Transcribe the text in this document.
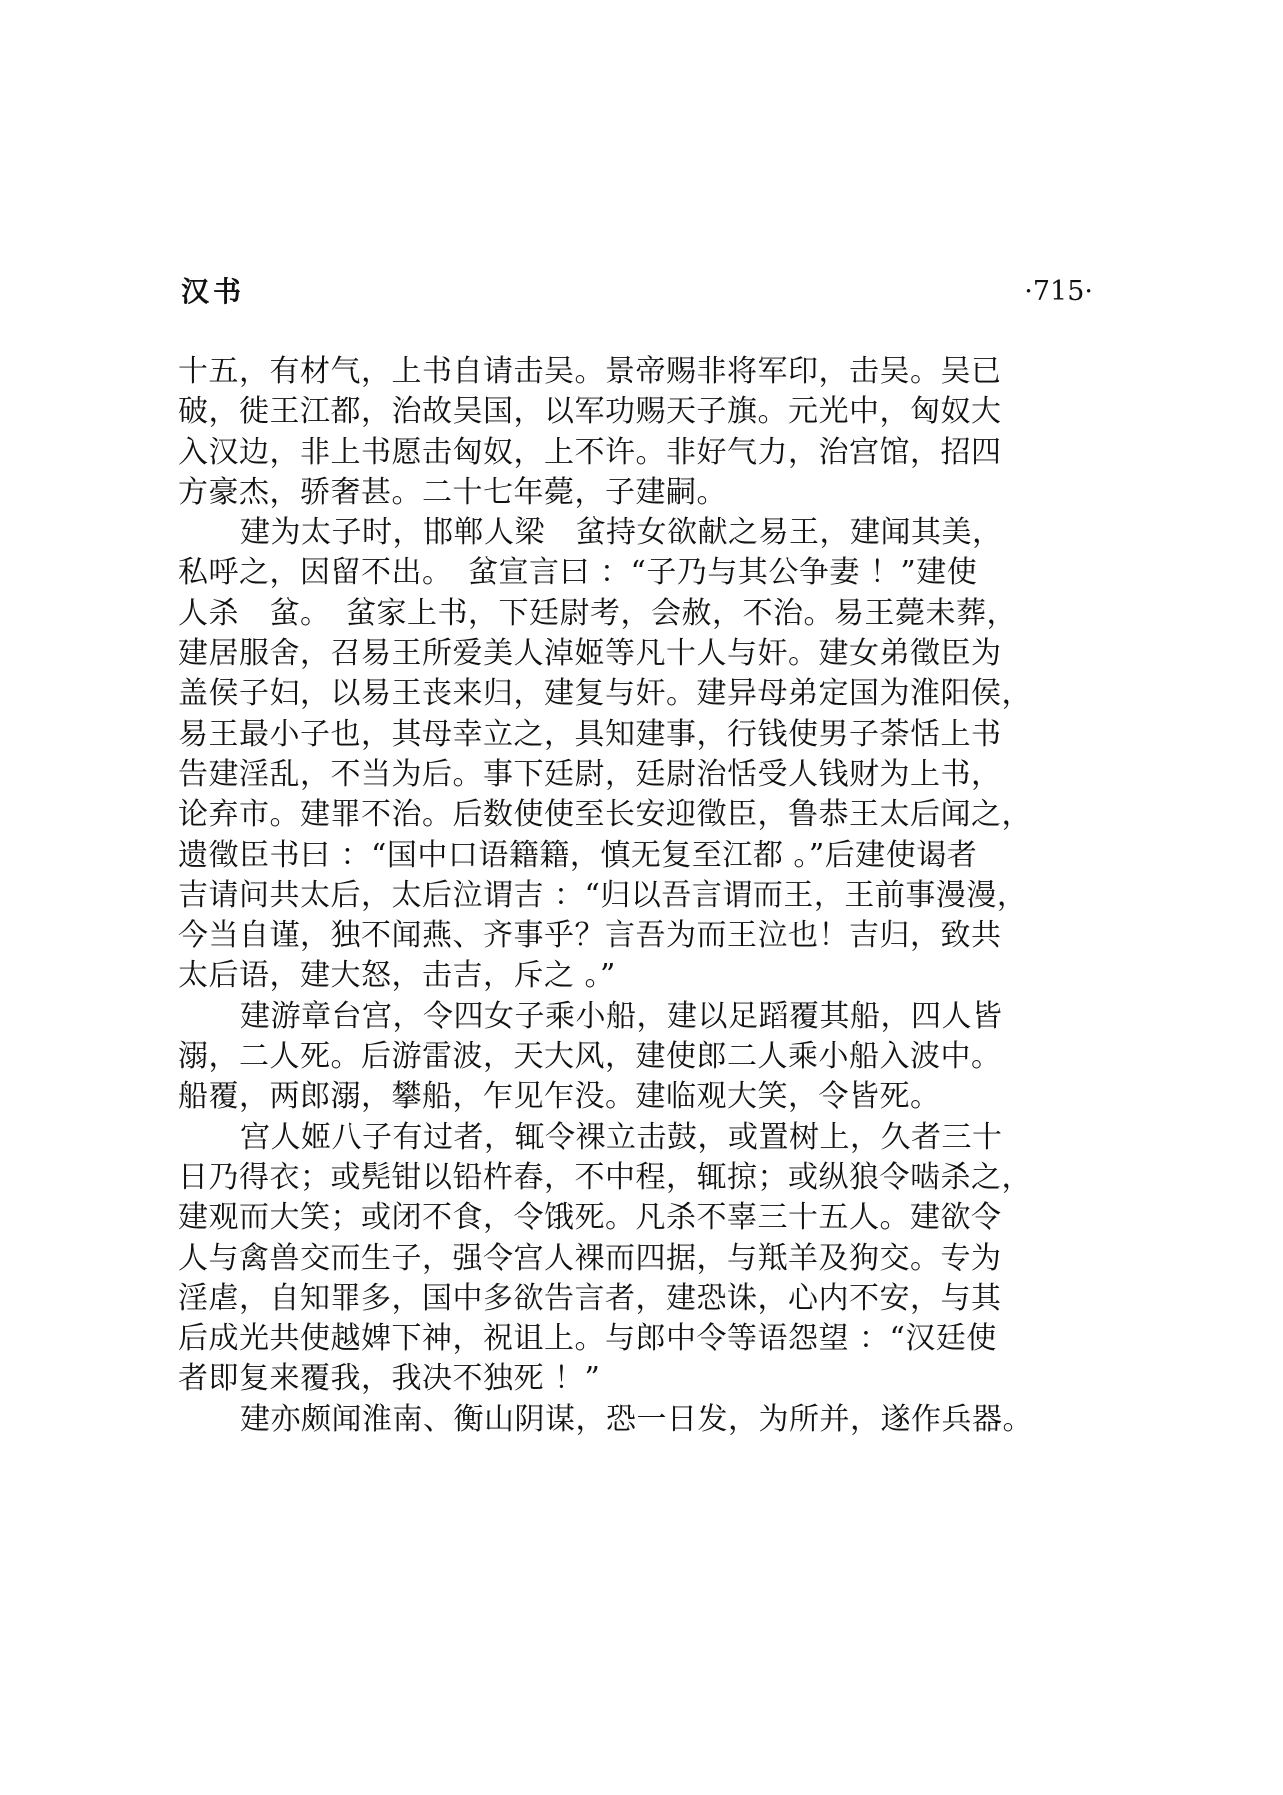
汉书	·715·

十五，有材气，上书自请击吴。景帝赐非将军印，击吴。吴已
破，徙王江都，治故吴国，以军功赐天子旗。元光中，匈奴大
入汉边，非上书愿击匈奴，上不许。非好气力，治宫馆，招四
方豪杰，骄奢甚。二十七年薨，子建嗣。

建为太子时，邯郸人梁　蚠持女欲献之易王，建闻其美，
私呼之，因留不出。　蚠宣言曰 ：“子乃与其公争妻 ！”建使
人杀　蚠。　蚠家上书，下廷尉考，会赦，不治。易王薨未葬，
建居服舍，召易王所爱美人淖姬等凡十人与奸。建女弟徵臣为
盖侯子妇，以易王丧来归，建复与奸。建异母弟定国为淮阳侯，
易王最小子也，其母幸立之，具知建事，行钱使男子荼恬上书
告建淫乱，不当为后。事下廷尉，廷尉治恬受人钱财为上书，
论弃市。建罪不治。后数使使至长安迎徵臣，鲁恭王太后闻之，
遗徵臣书曰 ：“国中口语籍籍，慎无复至江都 。”后建使谒者
吉请问共太后，太后泣谓吉 ：“归以吾言谓而王，王前事漫漫，
今当自谨，独不闻燕、齐事乎？言吾为而王泣也！吉归，致共
太后语，建大怒，击吉，斥之 。”

建游章台宫，令四女子乘小船，建以足蹈覆其船，四人皆
溺，二人死。后游雷波，天大风，建使郎二人乘小船入波中。
船覆，两郎溺，攀船，乍见乍没。建临观大笑，令皆死。

宫人姬八子有过者，辄令裸立击鼓，或置树上，久者三十
日乃得衣；或髡钳以铅杵舂，不中程，辄掠；或纵狼令啮杀之，
建观而大笑；或闭不食，令饿死。凡杀不辜三十五人。建欲令
人与禽兽交而生子，强令宫人裸而四据，与羝羊及狗交。专为
淫虐，自知罪多，国中多欲告言者，建恐诛，心内不安，与其
后成光共使越婢下神，祝诅上。与郎中令等语怨望 ：“汉廷使
者即复来覆我，我决不独死 ！”

建亦颇闻淮南、衡山阴谋，恐一日发，为所并，遂作兵器。
